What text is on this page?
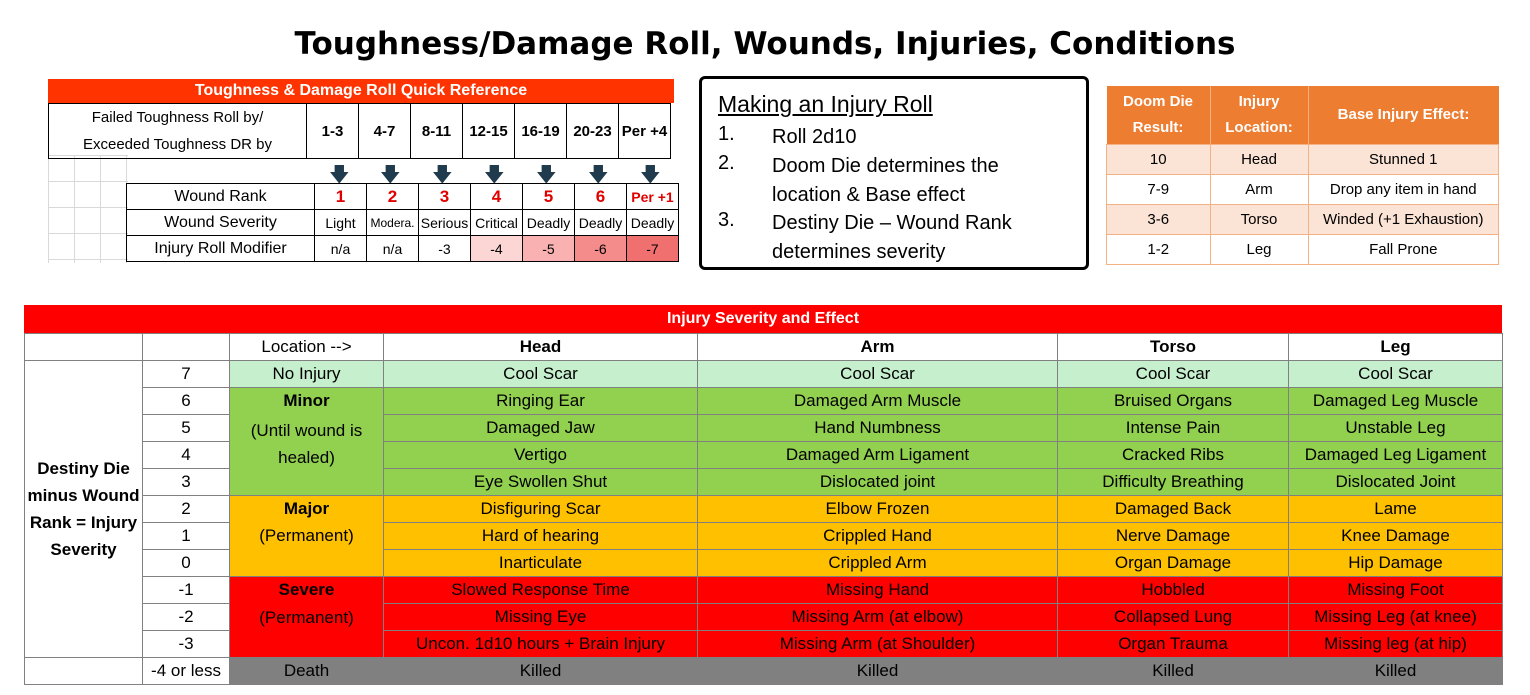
Toughness/Damage Roll, Wounds, Injuries, Conditions
Toughness & Damage Roll Quick Reference
Failed Toughness Roll by/
Exceeded Toughness DR by
	1-3	4-7	8-11	12-15	16-19	20-23	Per +4
🡇 🡇 🡇 🡇 🡇 🡇 🡇
Wound Rank	1	2	3	4	5	6	Per +1
Wound Severity	Light	Modera.	Serious	Critical	Deadly	Deadly	Deadly
Injury Roll Modifier	n/a	n/a	-3	-4	-5	-6	-7
Making an Injury Roll
1. Roll 2d10
2. Doom Die determines the location & Base effect
3. Destiny Die – Wound Rank determines severity
Doom Die Result:	Injury Location:	Base Injury Effect:
10	Head	Stunned 1
7-9	Arm	Drop any item in hand
3-6	Torso	Winded (+1 Exhaustion)
1-2	Leg	Fall Prone
Injury Severity and Effect
		Location -->	Head	Arm	Torso	Leg
Destiny Die minus Wound Rank = Injury Severity	7	No Injury	Cool Scar	Cool Scar	Cool Scar	Cool Scar
	6	Minor	Ringing Ear	Damaged Arm Muscle	Bruised Organs	Damaged Leg Muscle
	5	(Until wound is healed)	Damaged Jaw	Hand Numbness	Intense Pain	Unstable Leg
	4		Vertigo	Damaged Arm Ligament	Cracked Ribs	Damaged Leg Ligament
	3		Eye Swollen Shut	Dislocated joint	Difficulty Breathing	Dislocated Joint
	2	Major	Disfiguring Scar	Elbow Frozen	Damaged Back	Lame
	1	(Permanent)	Hard of hearing	Crippled Hand	Nerve Damage	Knee Damage
	0		Inarticulate	Crippled Arm	Organ Damage	Hip Damage
	-1	Severe	Slowed Response Time	Missing Hand	Hobbled	Missing Foot
	-2	(Permanent)	Missing Eye	Missing Arm (at elbow)	Collapsed Lung	Missing Leg (at knee)
	-3		Uncon. 1d10 hours + Brain Injury	Missing Arm (at Shoulder)	Organ Trauma	Missing leg (at hip)
	-4 or less	Death	Killed	Killed	Killed	Killed
